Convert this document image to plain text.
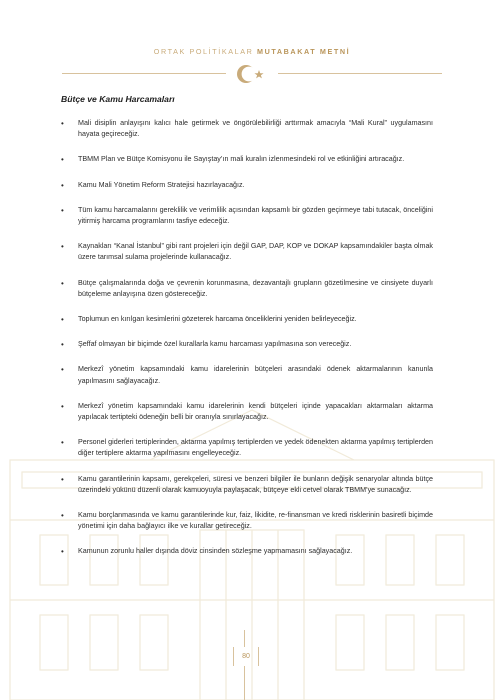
ORTAK POLİTİKALAR MUTABAKAT METNİ
Bütçe ve Kamu Harcamaları
• Mali disiplin anlayışını kalıcı hale getirmek ve öngörülebilirliği arttırmak amacıyla “Mali Kural” uygulamasını hayata geçireceğiz.
• TBMM Plan ve Bütçe Komisyonu ile Sayıştay’ın mali kuralın izlenmesindeki rol ve etkinliğini artıracağız.
• Kamu Mali Yönetim Reform Stratejisi hazırlayacağız.
• Tüm kamu harcamalarını gereklilik ve verimlilik açısından kapsamlı bir gözden geçirmeye tabi tutacak, önceliğini yitirmiş harcama programlarını tasfiye edeceğiz.
• Kaynakları “Kanal İstanbul” gibi rant projeleri için değil GAP, DAP, KOP ve DOKAP kapsamındakiler başta olmak üzere tarımsal sulama projelerinde kullanacağız.
• Bütçe çalışmalarında doğa ve çevrenin korunmasına, dezavantajlı grupların gözetilmesine ve cinsiyete duyarlı bütçeleme anlayışına özen göstereceğiz.
• Toplumun en kırılgan kesimlerini gözeterek harcama önceliklerini yeniden belirleyeceğiz.
• Şeffaf olmayan bir biçimde özel kurallarla kamu harcaması yapılmasına son vereceğiz.
• Merkezî yönetim kapsamındaki kamu idarelerinin bütçeleri arasındaki ödenek aktarmalarının kanunla yapılmasını sağlayacağız.
• Merkezî yönetim kapsamındaki kamu idarelerinin kendi bütçeleri içinde yapacakları aktarmaları aktarma yapılacak tertipteki ödeneğin belli bir oranıyla sınırlayacağız.
• Personel giderleri tertiplerinden, aktarma yapılmış tertiplerden ve yedek ödenekten aktarma yapılmış tertiplerden diğer tertiplere aktarma yapılmasını engelleyeceğiz.
• Kamu garantilerinin kapsamı, gerekçeleri, süresi ve benzeri bilgiler ile bunların değişik senaryolar altında bütçe üzerindeki yükünü düzenli olarak kamuoyuyla paylaşacak, bütçeye ekli cetvel olarak TBMM’ye sunacağız.
• Kamu borçlanmasında ve kamu garantilerinde kur, faiz, likidite, re-finansman ve kredi risklerinin basiretli biçimde yönetimi için daha bağlayıcı ilke ve kurallar getireceğiz.
• Kamunun zorunlu haller dışında döviz cinsinden sözleşme yapmamasını sağlayacağız.
80
